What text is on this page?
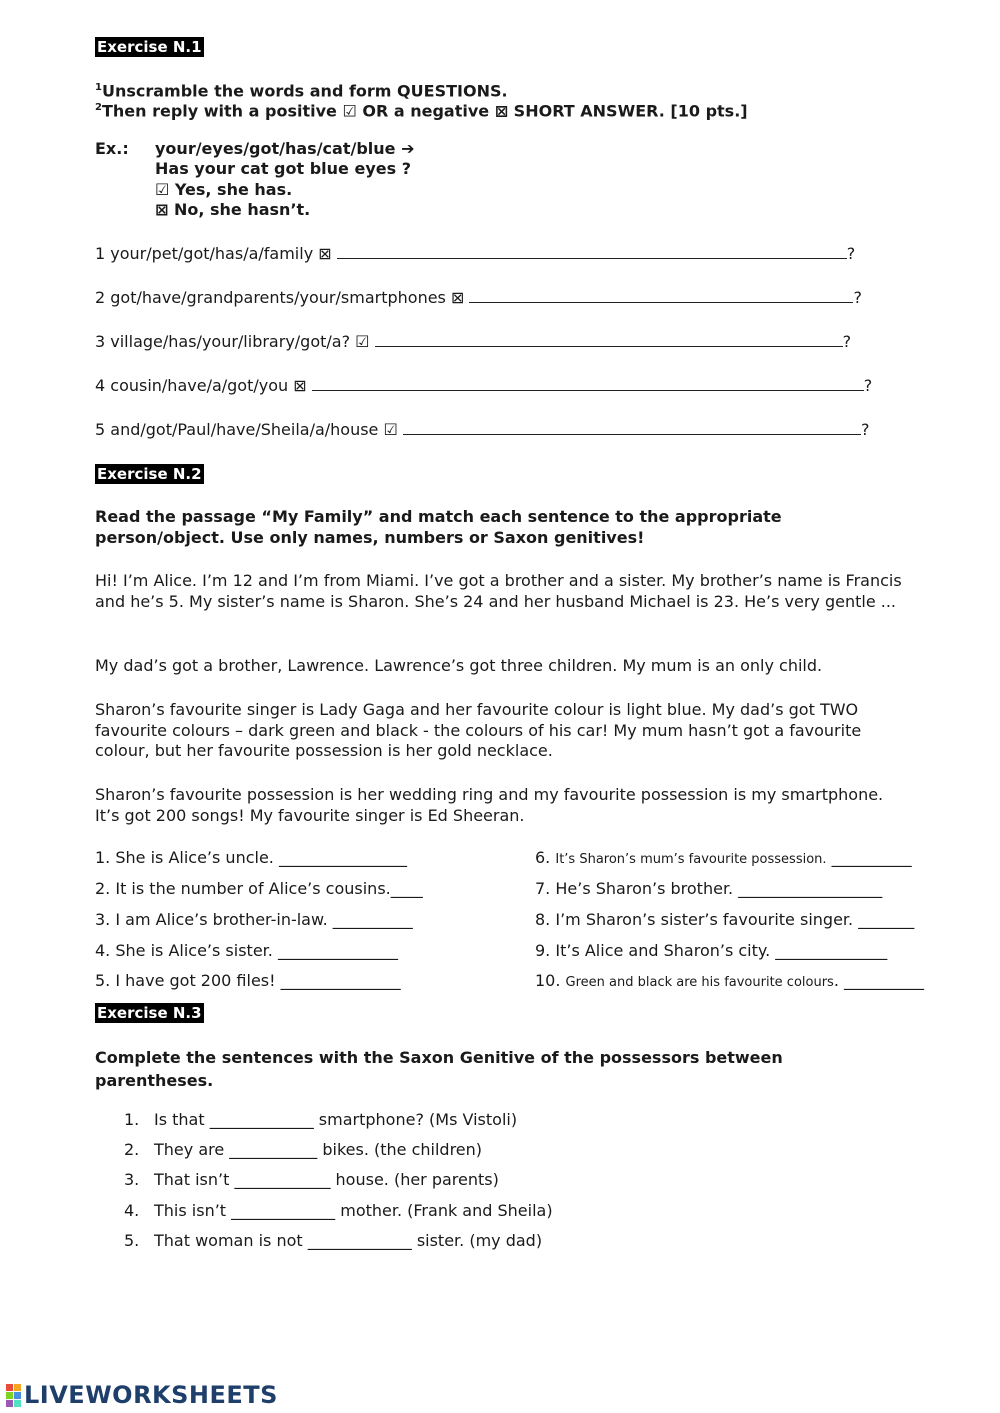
Exercise N.1
$^1$Unscramble the words and form QUESTIONS.
$^2$Then reply with a positive ☑ OR a negative ⊠ SHORT ANSWER. [10 pts.]
Ex.: your/eyes/got/has/cat/blue ➔
Has your cat got blue eyes ?
☑ Yes, she has.
⊠ No, she hasn’t.
1 your/pet/got/has/a/family ⊠	?
2 got/have/grandparents/your/smartphones ⊠	?
3 village/has/your/library/got/a? ☑	?
4 cousin/have/a/got/you ⊠	?
5 and/got/Paul/have/Sheila/a/house ☑	?
Exercise N.2
Read the passage “My Family” and match each sentence to the appropriate person/object. Use only names, numbers or Saxon genitives!
Hi! I’m Alice. I’m 12 and I’m from Miami. I’ve got a brother and a sister. My brother’s name is Francis and he’s 5. My sister’s name is Sharon. She’s 24 and her husband Michael is 23. He’s very gentle ...
My dad’s got a brother, Lawrence. Lawrence’s got three children. My mum is an only child.
Sharon’s favourite singer is Lady Gaga and her favourite colour is light blue. My dad’s got TWO favourite colours – dark green and black - the colours of his car! My mum hasn’t got a favourite colour, but her favourite possession is her gold necklace.
Sharon’s favourite possession is her wedding ring and my favourite possession is my smartphone. It’s got 200 songs! My favourite singer is Ed Sheeran.
1. She is Alice’s uncle. ________________
2. It is the number of Alice’s cousins.____
3. I am Alice’s brother-in-law. __________
4. She is Alice’s sister. _______________
5. I have got 200 files! _______________
6. It’s Sharon’s mum’s favourite possession. __________
7. He’s Sharon’s brother. __________________
8. I’m Sharon’s sister’s favourite singer. _______
9. It’s Alice and Sharon’s city. ______________
10. Green and black are his favourite colours. __________
Exercise N.3
Complete the sentences with the Saxon Genitive of the possessors between parentheses.
1. Is that _____________ smartphone? (Ms Vistoli)
2. They are ___________ bikes. (the children)
3. That isn’t ____________ house. (her parents)
4. This isn’t _____________ mother. (Frank and Sheila)
5. That woman is not _____________ sister. (my dad)
LIVEWORKSHEETS
